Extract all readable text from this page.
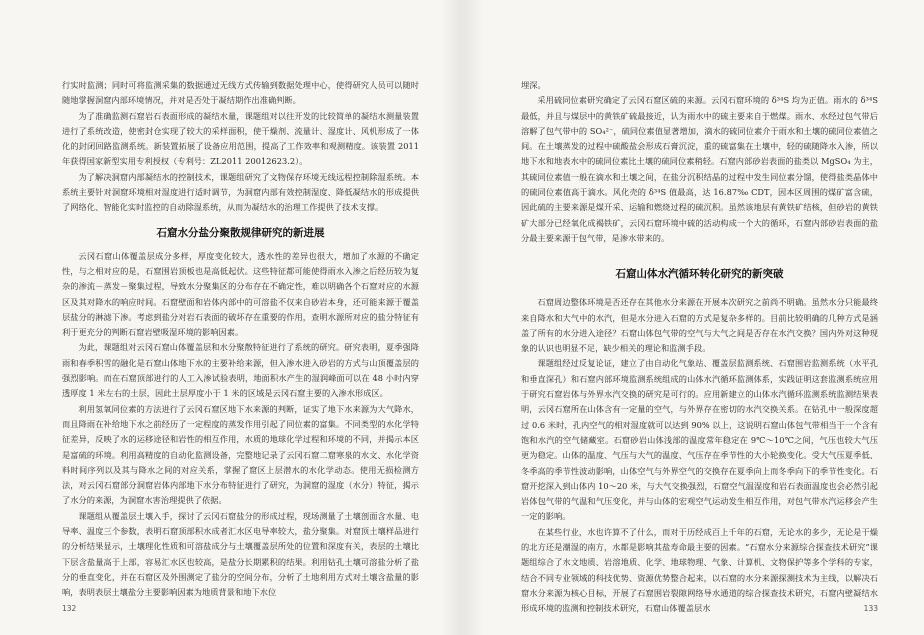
行实时监测；同时可将监测采集的数据通过无线方式传输到数据处理中心，使得研究人员可以随时随地掌握洞窟内部环境情况，并对是否处于凝结期作出准确判断。

为了准确监测石窟岩石表面形成的凝结水量，课题组对以往开发的比较简单的凝结水测量装置进行了系统改造，使密封仓实现了较大的采样面积，使干燥剂、流量计、湿度计、风机形成了一体化的封闭回路监测系统。新装置拓展了设备应用范围，提高了工作效率和观测精度。该装置 2011 年获得国家新型实用专利授权（专利号：ZL2011 20012623.2）。

为了解决洞窟内部凝结水的控制技术，课题组研究了文物保存环境无线远程控制除湿系统。本系统主要针对洞窟环境相对湿度进行适时调节，为洞窟内部有效控制湿度、降低凝结水的形成提供了网络化、智能化实时监控的自动除湿系统，从而为凝结水的治理工作提供了技术支撑。

石窟水分盐分聚散规律研究的新进展

云冈石窟山体覆盖层成分多样，厚度变化较大，透水性的差异也很大，增加了水源的不确定性，与之相对应的是，石窟围岩顶板也是高低起伏。这些特征都可能使得雨水入渗之后经历较为复杂的渗流－蒸发－聚集过程，导致水分聚集区的分布存在不确定性，难以明确各个石窟对应的水源区及其对降水的响应时间。石窟壁面和岩体内部中的可溶盐不仅来自砂岩本身，还可能来源于覆盖层盐分的淋滤下渗。考虑到盐分对岩石表面的破坏存在重要的作用，查明水源所对应的盐分特征有利于更充分的判断石窟岩壁吸湿环境的影响因素。

为此，课题组对云冈石窟山体覆盖层和水分聚散特征进行了系统的研究。研究表明，夏季强降雨和春季积雪的融化是石窟山体地下水的主要补给来源，但入渗水进入砂岩的方式与山顶覆盖层的强烈影响。而在石窟顶部进行的人工入渗试验表明，地面积水产生的湿润峰面可以在 48 小时内穿透厚度 1 米左右的土层，因此土层厚度小于 1 米的区域是云冈石窟主要的入渗水形成区。

利用氢氧同位素的方法进行了云冈石窟区地下水来源的判断，证实了地下水来源为大气降水，而且降雨在补给地下水之前经历了一定程度的蒸发作用引起了同位素的富集。不同类型的水化学特征差异，反映了水的运移途径和岩性的相互作用，水质的地球化学过程和环境的不同，并揭示本区是富硫的环境。利用高精度的自动化监测设备，完整地记录了云冈石窟二窟寒泉的水文、水化学资料时间序列以及其与降水之间的对应关系，掌握了窟区上层潜水的水化学动态。使用无损检测方法，对云冈石窟部分洞窟岩体内部地下水分布特征进行了研究，为洞窟的湿度（水分）特征，揭示了水分的来源，为洞窟水害治理提供了依据。

课题组从覆盖层土壤入手，探讨了云冈石窟盐分的形成过程，现场测量了土壤剖面含水量、电导率、温度三个参数，表明石窟顶部积水成者汇水区电导率较大，盐分聚集。对窟顶土壤样品进行的分析结果显示，土壤理化性质和可溶盐成分与土壤覆盖层所处的位置和深度有关，表层的土壤比下层含盐量高于上部，容易汇水区也较高，是盐分长期累积的结果。利用钻孔土壤可溶盐分析了盐分的垂直变化，并在石窟区及外围测定了盐分的空间分布，分析了土地利用方式对土壤含盐量的影响，表明表层土壤盐分主要影响因素为地质背景和地下水位

132

埋深。

采用硫同位素研究确定了云冈石窟区硫的来源。云冈石窟环境的 δ³⁴S 均为正值。雨水的 δ³⁴S 最低，并且与煤层中的黄铁矿硫最接近，认为雨水中的硫主要来自于燃煤。雨水、水经过包气带后溶解了包气带中的 SO₄²⁻，硫同位素值显著增加，滴水的硫同位素介于雨水和土壤的硫同位素值之间。在土壤蒸发的过程中硫酸盐会形成石膏沉淀，重的硫富集在土壤中，轻的硫随降水入渗，所以地下水和地表水中的硫同位素比土壤的硫同位素稍轻。石窟内部砂岩表面的盐类以 MgSO₄ 为主，其硫同位素值一般在滴水和土壤之间，在盐分沉积结晶的过程中发生同位素分馏，使得盐类晶体中的硫同位素值高于滴水。风化壳的 δ³⁴S 值最高，达 16.87‰ CDT，因本区周围的煤矿富含硫，因此硫的主要来源是煤开采、运输和燃烧过程的硫沉积。虽然该地层有黄铁矿结核，但砂岩的黄铁矿大部分已经氧化成褐铁矿，云冈石窟环境中硫的活动构成一个大的循环，石窟内部砂岩表面的盐分最主要来源于包气带，是渗水带来的。

石窟山体水汽循环转化研究的新突破

石窟周边整体环境是否还存在其他水分来源在开展本次研究之前尚不明确。虽然水分只能最终来自降水和大气中的水汽，但是水分进入石窟的方式是复杂多样的。目前比较明确的几种方式是涵盖了所有的水分进入途径？石窟山体包气带的空气与大气之间是否存在水汽交换？国内外对这种现象的认识也明显不足，缺少相关的理论和监测手段。

课题组经过反复论证，建立了由自动化气象站、覆盖层监测系统、石窟围岩监测系统（水平孔和垂直深孔）和石窟内部环境监测系统组成的山体水汽循环监测体系，实践证明这套监测系统应用于研究石窟岩体与外界水汽交换的研究是可行的。应用新建立的山体水汽循环监测系统监测结果表明，云冈石窟所在山体含有一定量的空气，与外界存在密切的水汽交换关系。在钻孔中一般深度超过 0.6 米时，孔内空气的相对湿度就可以达到 90% 以上，这说明石窟山体包气带相当于一个含有饱和水汽的空气储藏室。石窟砂岩山体浅部的温度常年稳定在 9℃～10℃之间，气压也较大气压更为稳定。山体的温度、气压与大气的温度、气压存在季节性的大小轮换变化。受大气压夏季低、冬季高的季节性波动影响，山体空气与外界空气的交换存在夏季向上而冬季向下的季节性变化。石窟开挖深入到山体内 10～20 米，与大气交换强烈，石窟空气温湿度和岩石表面温度也会必然引起岩体包气带的气温和气压变化，并与山体的宏观空气运动发生相互作用，对包气带水汽运移会产生一定的影响。

在某些行业，水也许算不了什么，而对于历经成百上千年的石窟，无论水的多少，无论是干燥的北方还是潮湿的南方，水都是影响其盐寿命最主要的因素。“石窟水分来源综合探查技术研究”课题组综合了水文地质、岩溶地质、化学、地球物理、气象、计算机、文物保护等多个学科的专家，结合不同专业领域的科技优势、资源优势整合起来，以石窟的水分来源探测技术为主线，以解决石窟水分来源为核心目标，开展了石窟围岩裂隙网络导水通道的综合探查技术研究，石窟内壁凝结水形成环境的监测和控制技术研究，石窟山体覆盖层水	133
